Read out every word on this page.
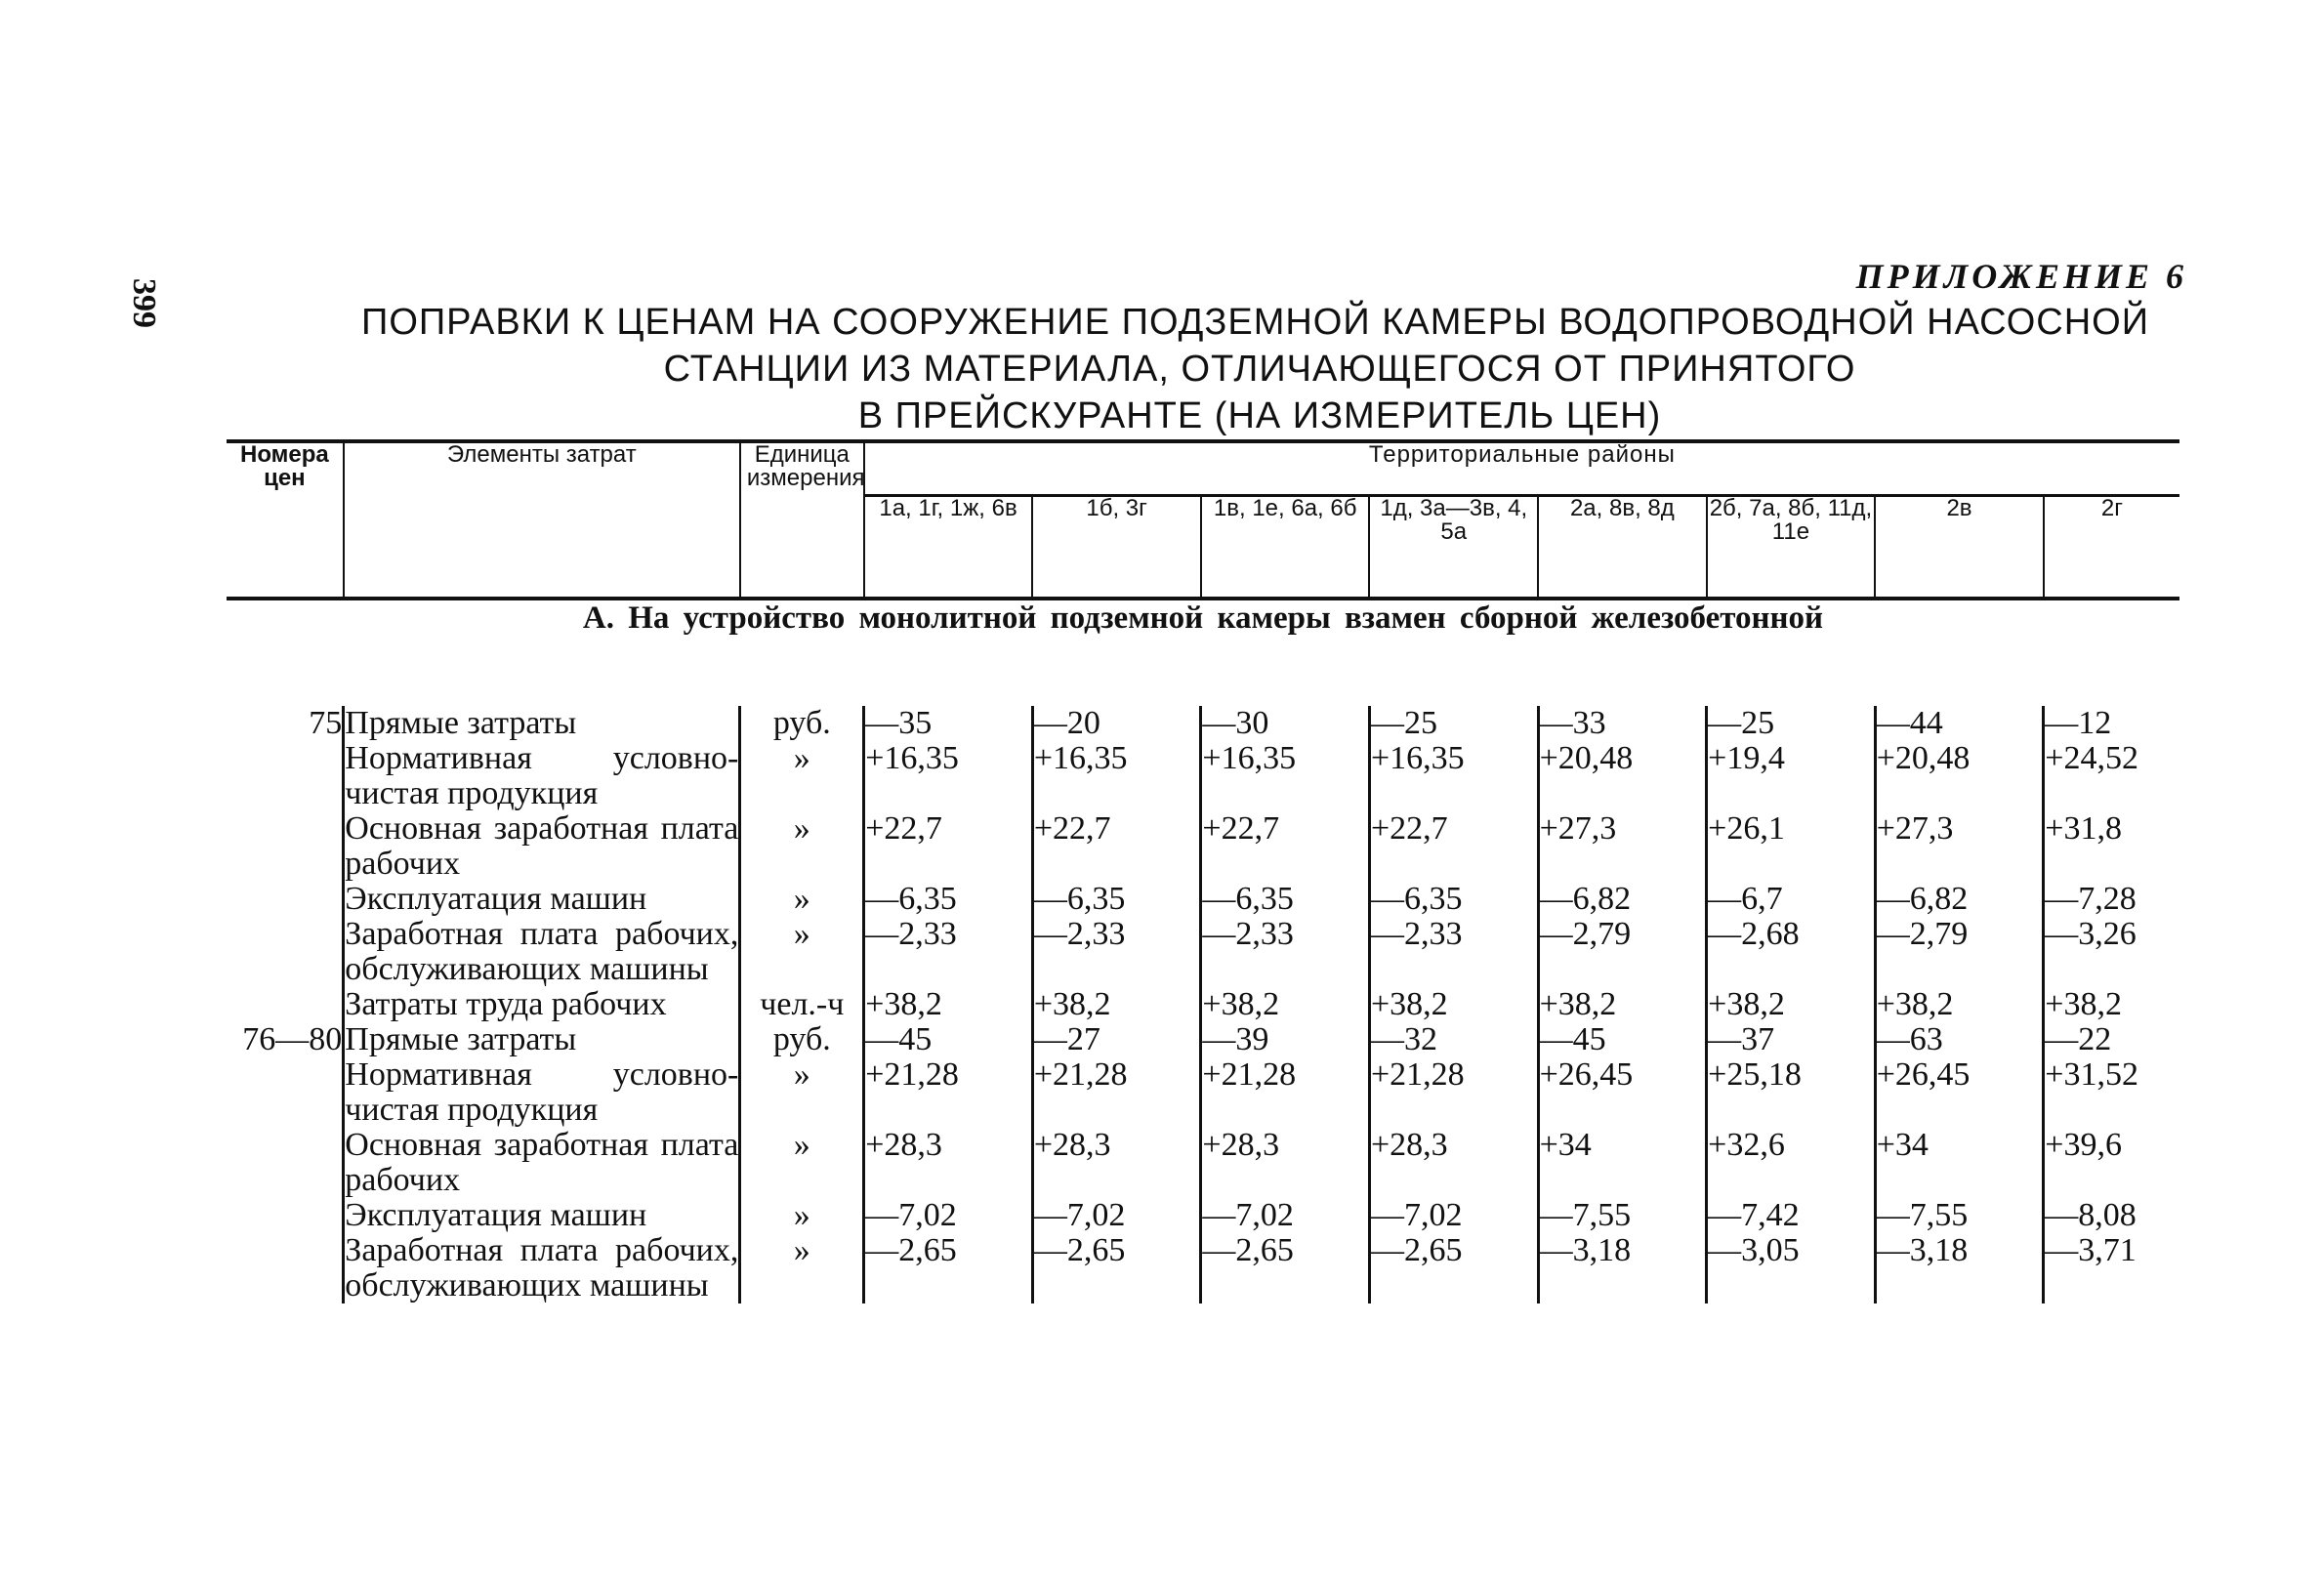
399
ПРИЛОЖЕНИЕ 6
ПОПРАВКИ К ЦЕНАМ НА СООРУЖЕНИЕ ПОДЗЕМНОЙ КАМЕРЫ ВОДОПРОВОДНОЙ НАСОСНОЙ
СТАНЦИИ ИЗ МАТЕРИАЛА, ОТЛИЧАЮЩЕГОСЯ ОТ ПРИНЯТОГО
В ПРЕЙСКУРАНТЕ (НА ИЗМЕРИТЕЛЬ ЦЕН)
Номера цен	Элементы затрат	Единица измерения	Территориальные районы							
			1а, 1г, 1ж, 6в	1б, 3г	1в, 1е, 6а, 6б	1д, 3а—3в, 4, 5а	2а, 8в, 8д	2б, 7а, 8б, 11д, 11е	2в	2г
А. На устройство монолитной подземной камеры взамен сборной железобетонной										
75	Прямые затраты	руб.	—35	—20	—30	—25	—33	—25	—44	—12
	Нормативная условно-чистая продукция	»	+16,35	+16,35	+16,35	+16,35	+20,48	+19,4	+20,48	+24,52
	Основная заработная плата рабочих	»	+22,7	+22,7	+22,7	+22,7	+27,3	+26,1	+27,3	+31,8
	Эксплуатация машин	»	—6,35	—6,35	—6,35	—6,35	—6,82	—6,7	—6,82	—7,28
	Заработная плата рабочих, обслуживающих машины	»	—2,33	—2,33	—2,33	—2,33	—2,79	—2,68	—2,79	—3,26
	Затраты труда рабочих	чел.-ч	+38,2	+38,2	+38,2	+38,2	+38,2	+38,2	+38,2	+38,2
76—80	Прямые затраты	руб.	—45	—27	—39	—32	—45	—37	—63	—22
	Нормативная условно-чистая продукция	»	+21,28	+21,28	+21,28	+21,28	+26,45	+25,18	+26,45	+31,52
	Основная заработная плата рабочих	»	+28,3	+28,3	+28,3	+28,3	+34	+32,6	+34	+39,6
	Эксплуатация машин	»	—7,02	—7,02	—7,02	—7,02	—7,55	—7,42	—7,55	—8,08
	Заработная плата рабочих, обслуживающих машины	»	—2,65	—2,65	—2,65	—2,65	—3,18	—3,05	—3,18	—3,71
